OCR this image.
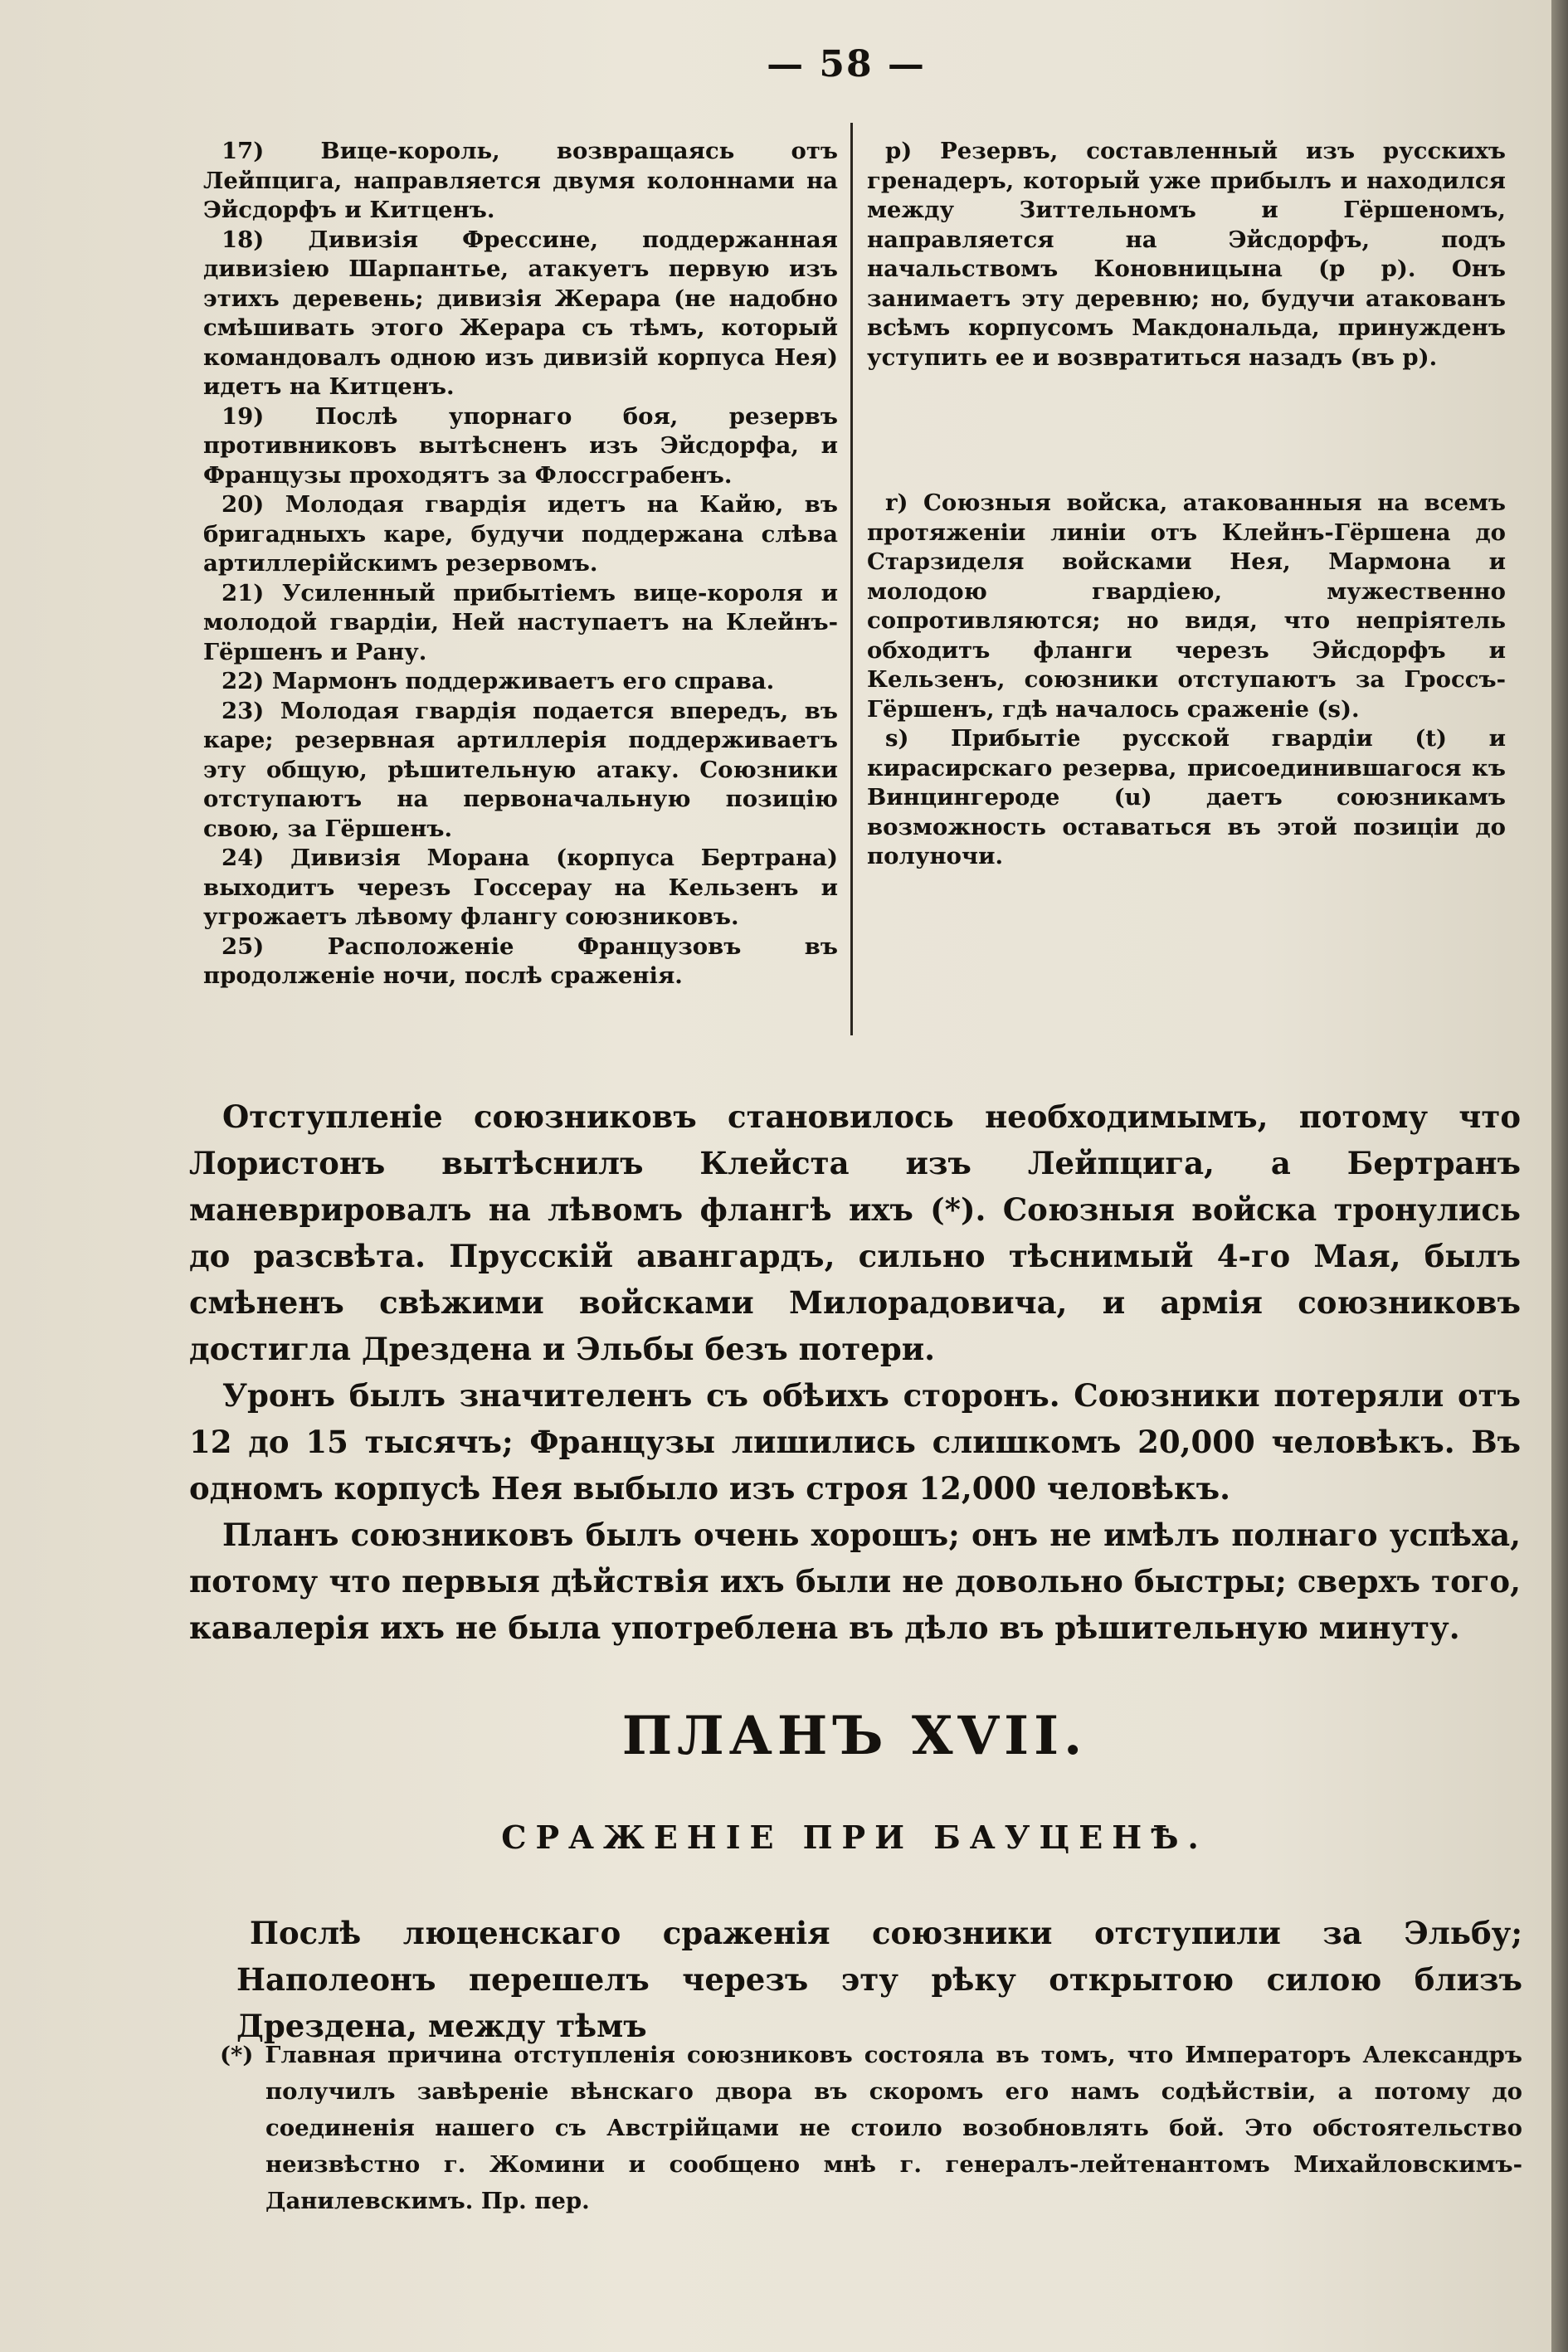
— 58 —

17) Вице-король, возвращаясь отъ Лейпцига, направляется двумя колоннами на Эйсдорфъ и Китценъ.

18) Дивизія Фрессине, поддержанная дивизіею Шарпантье, атакуетъ первую изъ этихъ деревень; дивизія Жерара (не надобно смѣшивать этого Жерара съ тѣмъ, который командовалъ одною изъ дивизій корпуса Нея) идетъ на Китценъ.

19) Послѣ упорнаго боя, резервъ противниковъ вытѣсненъ изъ Эйсдорфа, и Французы проходятъ за Флоссграбенъ.

20) Молодая гвардія идетъ на Кайю, въ бригадныхъ каре, будучи поддержана слѣва артиллерійскимъ резервомъ.

21) Усиленный прибытіемъ вице-короля и молодой гвардіи, Ней наступаетъ на Клейнъ-Гёршенъ и Рану.

22) Мармонъ поддерживаетъ его справа.

23) Молодая гвардія подается впередъ, въ каре; резервная артиллерія поддерживаетъ эту общую, рѣшительную атаку. Союзники отступаютъ на первоначальную позицію свою, за Гёршенъ.

24) Дивизія Морана (корпуса Бертрана) выходитъ черезъ Госсерау на Кельзенъ и угрожаетъ лѣвому флангу союзниковъ.

25) Расположеніе Французовъ въ продолженіе ночи, послѣ сраженія.

р) Резервъ, составленный изъ русскихъ гренадеръ, который уже прибылъ и находился между Зиттельномъ и Гёршеномъ, направляется на Эйсдорфъ, подъ начальствомъ Коновницына (р р). Онъ занимаетъ эту деревню; но, будучи атакованъ всѣмъ корпусомъ Макдональда, принужденъ уступить ее и возвратиться назадъ (въ р).

r) Союзныя войска, атакованныя на всемъ протяженіи линіи отъ Клейнъ-Гёршена до Старзиделя войсками Нея, Мармона и молодою гвардіею, мужественно сопротивляются; но видя, что непріятель обходитъ фланги черезъ Эйсдорфъ и Кельзенъ, союзники отступаютъ за Гроссъ-Гёршенъ, гдѣ началось сраженіе (s).

s) Прибытіе русской гвардіи (t) и кирасирскаго резерва, присоединившагося къ Винцингероде (u) даетъ союзникамъ возможность оставаться въ этой позиціи до полуночи.

Отступленіе союзниковъ становилось необходимымъ, потому что Лористонъ вытѣснилъ Клейста изъ Лейпцига, а Бертранъ маневрировалъ на лѣвомъ флангѣ ихъ (*). Союзныя войска тронулись до разсвѣта. Прусскій авангардъ, сильно тѣснимый 4-го Мая, былъ смѣненъ свѣжими войсками Милорадовича, и армія союзниковъ достигла Дрездена и Эльбы безъ потери.

Уронъ былъ значителенъ съ обѣихъ сторонъ. Союзники потеряли отъ 12 до 15 тысячъ; Французы лишились слишкомъ 20,000 человѣкъ. Въ одномъ корпусѣ Нея выбыло изъ строя 12,000 человѣкъ.

Планъ союзниковъ былъ очень хорошъ; онъ не имѣлъ полнаго успѣха, потому что первыя дѣйствія ихъ были не довольно быстры; сверхъ того, кавалерія ихъ не была употреблена въ дѣло въ рѣшительную минуту.

ПЛАНЪ XVII.
СРАЖЕНІЕ ПРИ БАУЦЕНѢ.

Послѣ люценскаго сраженія союзники отступили за Эльбу; Наполеонъ перешелъ черезъ эту рѣку открытою силою близъ Дрездена, между тѣмъ

(*) Главная причина отступленія союзниковъ состояла въ томъ, что Императоръ Александръ получилъ завѣреніе вѣнскаго двора въ скоромъ его намъ содѣйствіи, а потому до соединенія нашего съ Австрійцами не стоило возобновлять бой. Это обстоятельство неизвѣстно г. Жомини и сообщено мнѣ г. генералъ-лейтенантомъ Михайловскимъ-Данилевскимъ. Пр. пер.
